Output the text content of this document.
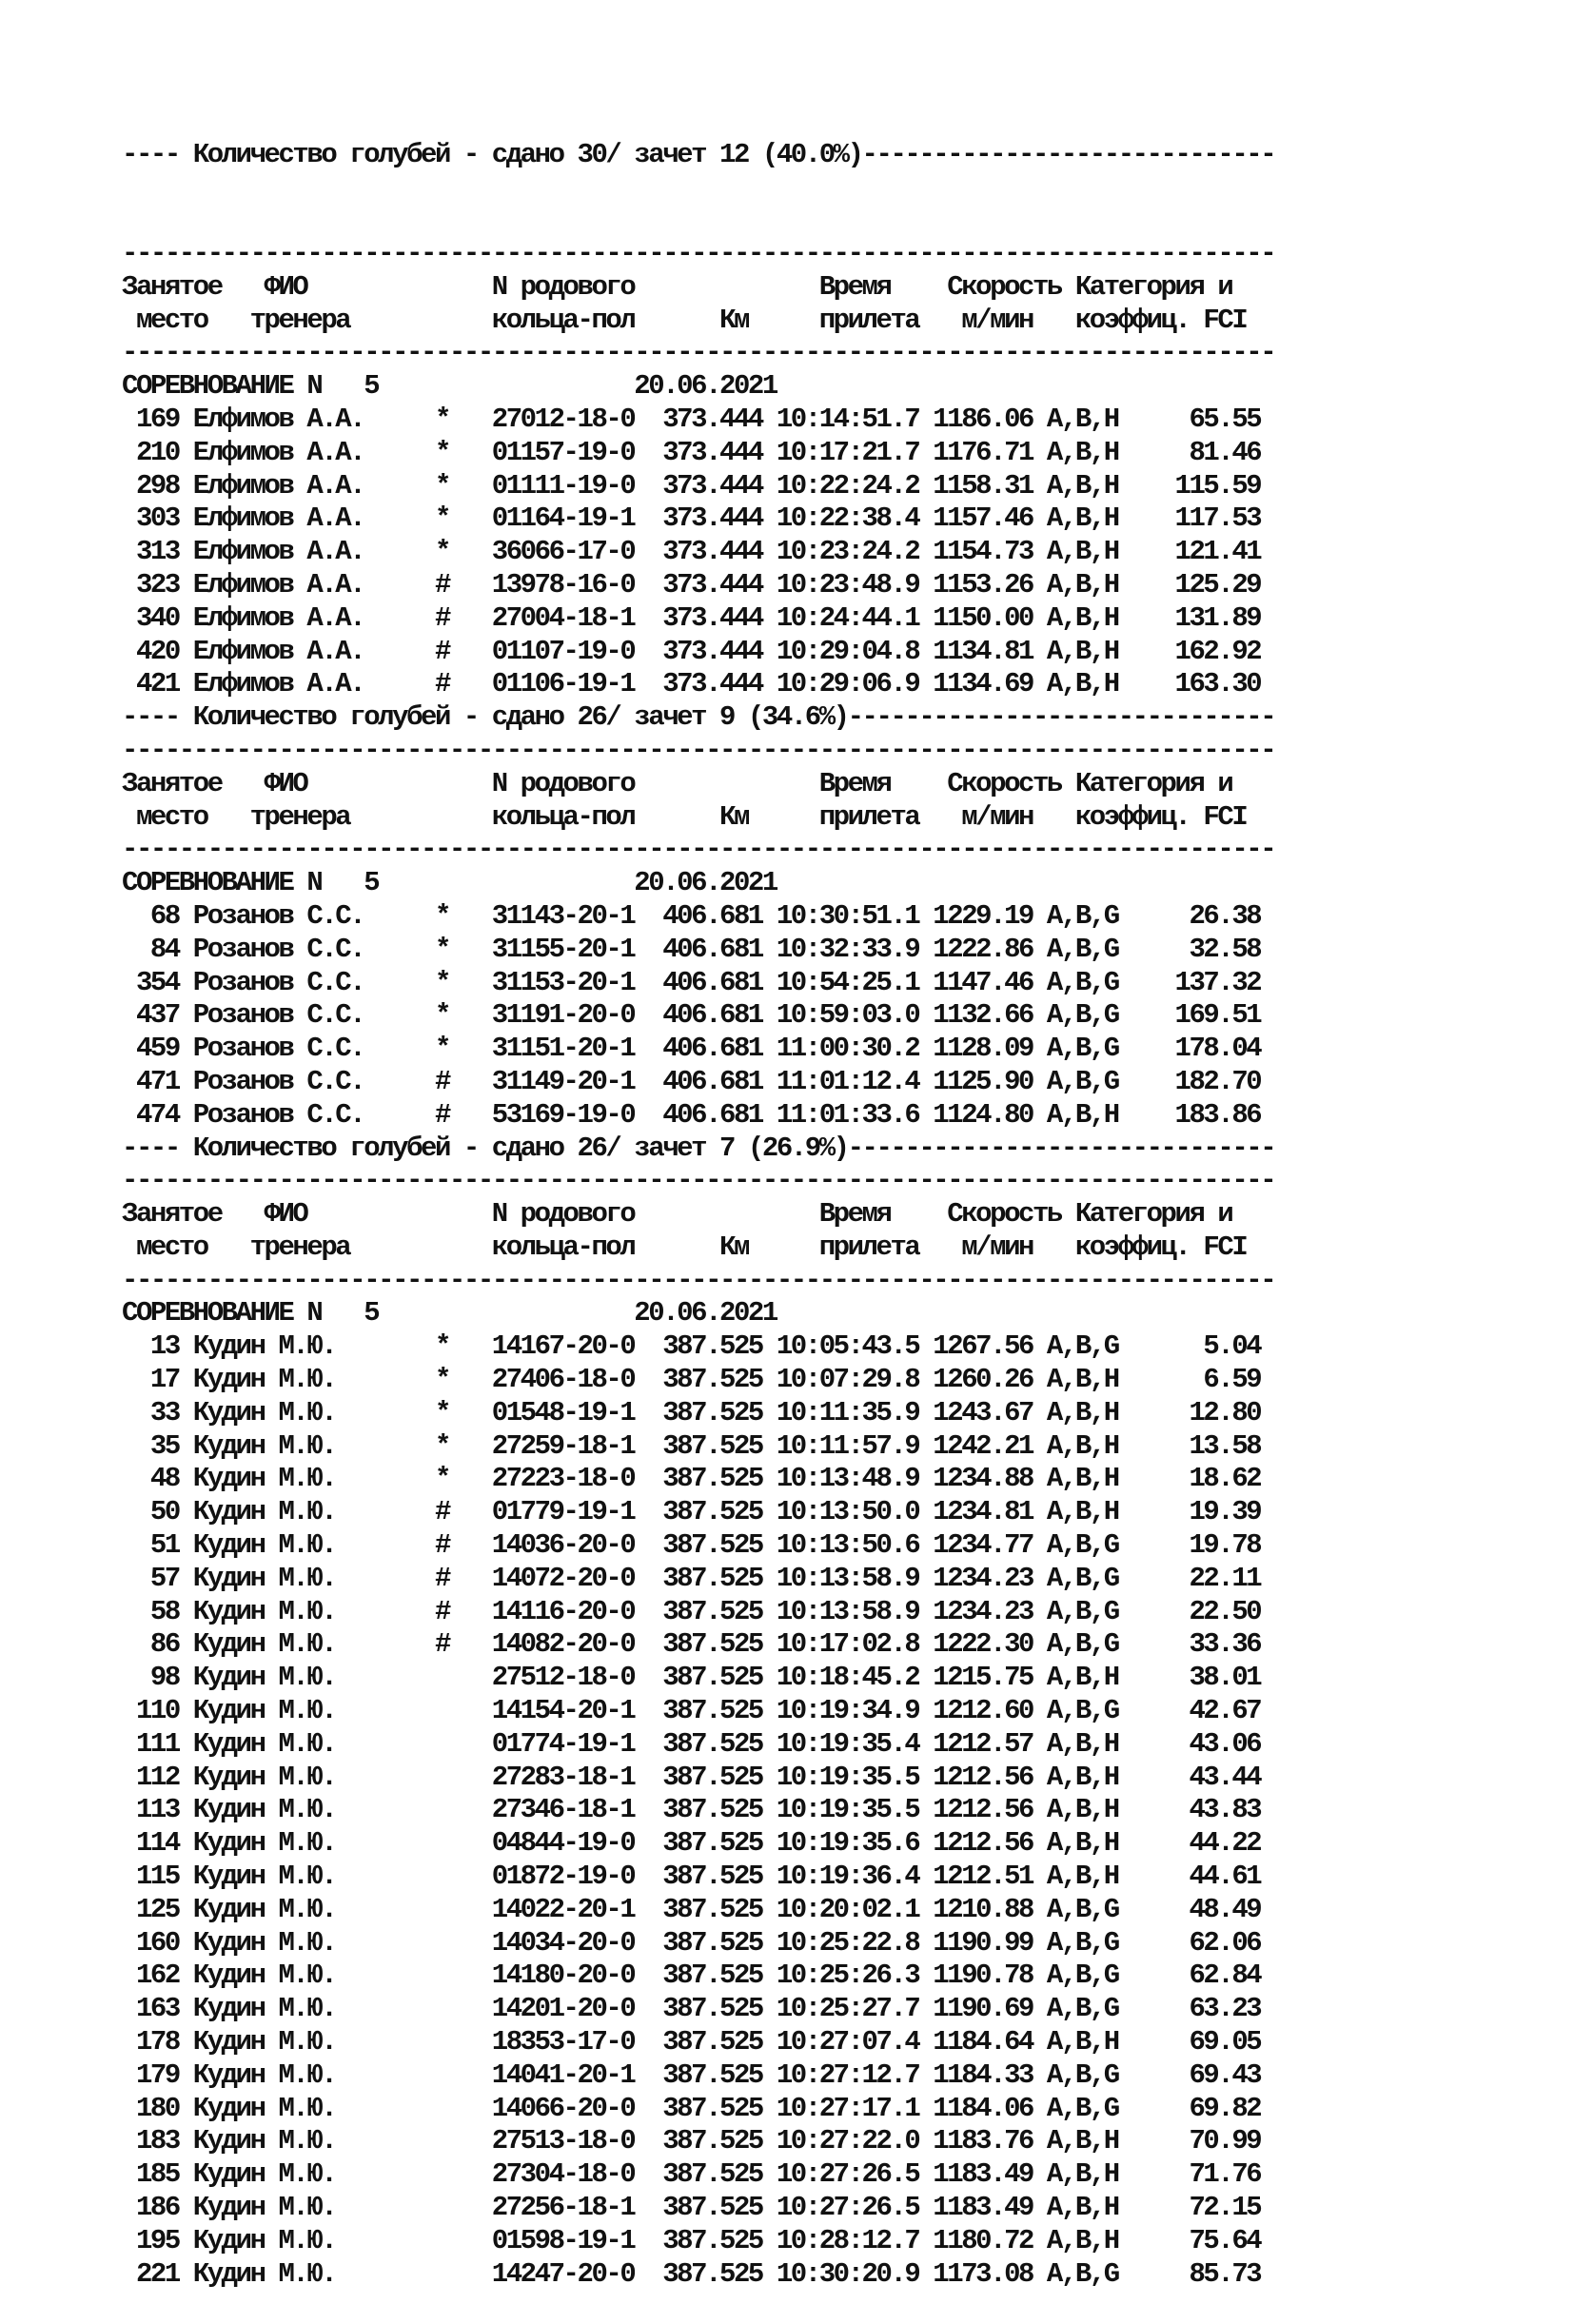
---- Количество голубей - сдано 30/ зачет 12 (40.0%)-----------------------------

---------------------------------------------------------------------------------
Занятое   ФИО             N родового             Время    Скорость Категория и
место   тренера          кольца-пол      Км     прилета   м/мин   коэффиц. FCI
---------------------------------------------------------------------------------
СОРЕВНОВАНИЕ N   5                  20.06.2021
169 Елфимов А.А.     *   27012-18-0  373.444 10:14:51.7 1186.06 A,B,H     65.55
210 Елфимов А.А.     *   01157-19-0  373.444 10:17:21.7 1176.71 A,B,H     81.46
298 Елфимов А.А.     *   01111-19-0  373.444 10:22:24.2 1158.31 A,B,H    115.59
303 Елфимов А.А.     *   01164-19-1  373.444 10:22:38.4 1157.46 A,B,H    117.53
313 Елфимов А.А.     *   36066-17-0  373.444 10:23:24.2 1154.73 A,B,H    121.41
323 Елфимов А.А.     #   13978-16-0  373.444 10:23:48.9 1153.26 A,B,H    125.29
340 Елфимов А.А.     #   27004-18-1  373.444 10:24:44.1 1150.00 A,B,H    131.89
420 Елфимов А.А.     #   01107-19-0  373.444 10:29:04.8 1134.81 A,B,H    162.92
421 Елфимов А.А.     #   01106-19-1  373.444 10:29:06.9 1134.69 A,B,H    163.30
---- Количество голубей - сдано 26/ зачет 9 (34.6%)------------------------------
---------------------------------------------------------------------------------
Занятое   ФИО             N родового             Время    Скорость Категория и
место   тренера          кольца-пол      Км     прилета   м/мин   коэффиц. FCI
---------------------------------------------------------------------------------
СОРЕВНОВАНИЕ N   5                  20.06.2021
68 Розанов С.С.     *   31143-20-1  406.681 10:30:51.1 1229.19 A,B,G     26.38
84 Розанов С.С.     *   31155-20-1  406.681 10:32:33.9 1222.86 A,B,G     32.58
354 Розанов С.С.     *   31153-20-1  406.681 10:54:25.1 1147.46 A,B,G    137.32
437 Розанов С.С.     *   31191-20-0  406.681 10:59:03.0 1132.66 A,B,G    169.51
459 Розанов С.С.     *   31151-20-1  406.681 11:00:30.2 1128.09 A,B,G    178.04
471 Розанов С.С.     #   31149-20-1  406.681 11:01:12.4 1125.90 A,B,G    182.70
474 Розанов С.С.     #   53169-19-0  406.681 11:01:33.6 1124.80 A,B,H    183.86
---- Количество голубей - сдано 26/ зачет 7 (26.9%)------------------------------
---------------------------------------------------------------------------------
Занятое   ФИО             N родового             Время    Скорость Категория и
место   тренера          кольца-пол      Км     прилета   м/мин   коэффиц. FCI
---------------------------------------------------------------------------------
СОРЕВНОВАНИЕ N   5                  20.06.2021
13 Кудин М.Ю.       *   14167-20-0  387.525 10:05:43.5 1267.56 A,B,G      5.04
17 Кудин М.Ю.       *   27406-18-0  387.525 10:07:29.8 1260.26 A,B,H      6.59
33 Кудин М.Ю.       *   01548-19-1  387.525 10:11:35.9 1243.67 A,B,H     12.80
35 Кудин М.Ю.       *   27259-18-1  387.525 10:11:57.9 1242.21 A,B,H     13.58
48 Кудин М.Ю.       *   27223-18-0  387.525 10:13:48.9 1234.88 A,B,H     18.62
50 Кудин М.Ю.       #   01779-19-1  387.525 10:13:50.0 1234.81 A,B,H     19.39
51 Кудин М.Ю.       #   14036-20-0  387.525 10:13:50.6 1234.77 A,B,G     19.78
57 Кудин М.Ю.       #   14072-20-0  387.525 10:13:58.9 1234.23 A,B,G     22.11
58 Кудин М.Ю.       #   14116-20-0  387.525 10:13:58.9 1234.23 A,B,G     22.50
86 Кудин М.Ю.       #   14082-20-0  387.525 10:17:02.8 1222.30 A,B,G     33.36
98 Кудин М.Ю.           27512-18-0  387.525 10:18:45.2 1215.75 A,B,H     38.01
110 Кудин М.Ю.           14154-20-1  387.525 10:19:34.9 1212.60 A,B,G     42.67
111 Кудин М.Ю.           01774-19-1  387.525 10:19:35.4 1212.57 A,B,H     43.06
112 Кудин М.Ю.           27283-18-1  387.525 10:19:35.5 1212.56 A,B,H     43.44
113 Кудин М.Ю.           27346-18-1  387.525 10:19:35.5 1212.56 A,B,H     43.83
114 Кудин М.Ю.           04844-19-0  387.525 10:19:35.6 1212.56 A,B,H     44.22
115 Кудин М.Ю.           01872-19-0  387.525 10:19:36.4 1212.51 A,B,H     44.61
125 Кудин М.Ю.           14022-20-1  387.525 10:20:02.1 1210.88 A,B,G     48.49
160 Кудин М.Ю.           14034-20-0  387.525 10:25:22.8 1190.99 A,B,G     62.06
162 Кудин М.Ю.           14180-20-0  387.525 10:25:26.3 1190.78 A,B,G     62.84
163 Кудин М.Ю.           14201-20-0  387.525 10:25:27.7 1190.69 A,B,G     63.23
178 Кудин М.Ю.           18353-17-0  387.525 10:27:07.4 1184.64 A,B,H     69.05
179 Кудин М.Ю.           14041-20-1  387.525 10:27:12.7 1184.33 A,B,G     69.43
180 Кудин М.Ю.           14066-20-0  387.525 10:27:17.1 1184.06 A,B,G     69.82
183 Кудин М.Ю.           27513-18-0  387.525 10:27:22.0 1183.76 A,B,H     70.99
185 Кудин М.Ю.           27304-18-0  387.525 10:27:26.5 1183.49 A,B,H     71.76
186 Кудин М.Ю.           27256-18-1  387.525 10:27:26.5 1183.49 A,B,H     72.15
195 Кудин М.Ю.           01598-19-1  387.525 10:28:12.7 1180.72 A,B,H     75.64
221 Кудин М.Ю.           14247-20-0  387.525 10:30:20.9 1173.08 A,B,G     85.73
